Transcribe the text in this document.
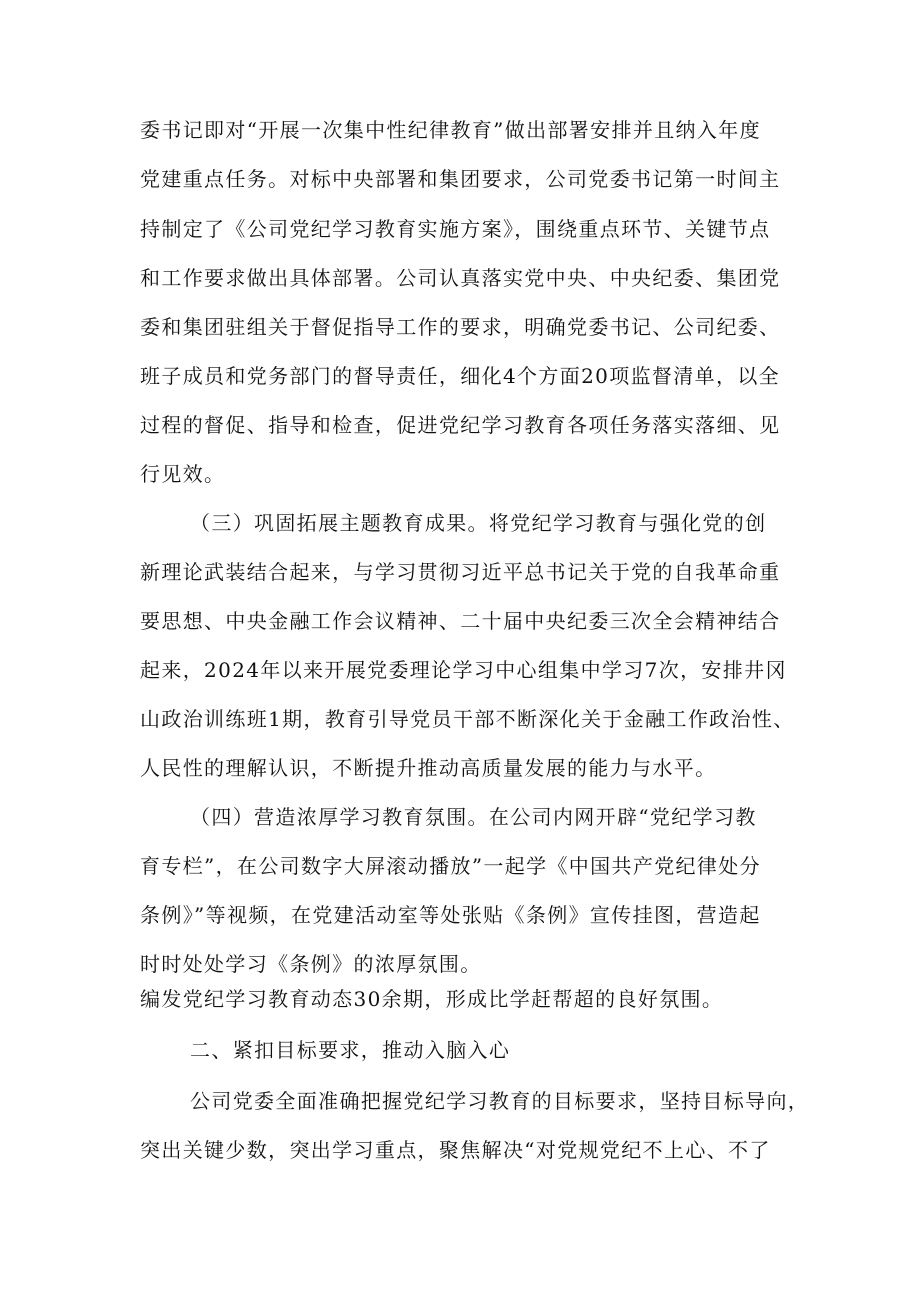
委书记即对“开展一次集中性纪律教育”做出部署安排并且纳入年度
党建重点任务。对标中央部署和集团要求，公司党委书记第一时间主
持制定了《公司党纪学习教育实施方案》，围绕重点环节、关键节点
和工作要求做出具体部署。公司认真落实党中央、中央纪委、集团党
委和集团驻组关于督促指导工作的要求，明确党委书记、公司纪委、
班子成员和党务部门的督导责任，细化4个方面20项监督清单，以全
过程的督促、指导和检查，促进党纪学习教育各项任务落实落细、见
行见效。
（三）巩固拓展主题教育成果。将党纪学习教育与强化党的创
新理论武装结合起来，与学习贯彻习近平总书记关于党的自我革命重
要思想、中央金融工作会议精神、二十届中央纪委三次全会精神结合
起来，2024年以来开展党委理论学习中心组集中学习7次，安排井冈
山政治训练班1期，教育引导党员干部不断深化关于金融工作政治性、
人民性的理解认识，不断提升推动高质量发展的能力与水平。
（四）营造浓厚学习教育氛围。在公司内网开辟“党纪学习教
育专栏”，在公司数字大屏滚动播放”一起学《中国共产党纪律处分
条例》”等视频，在党建活动室等处张贴《条例》宣传挂图，营造起
时时处处学习《条例》的浓厚氛围。
编发党纪学习教育动态30余期，形成比学赶帮超的良好氛围。
二、紧扣目标要求，推动入脑入心
公司党委全面准确把握党纪学习教育的目标要求，坚持目标导向，
突出关键少数，突出学习重点，聚焦解决“对党规党纪不上心、不了
